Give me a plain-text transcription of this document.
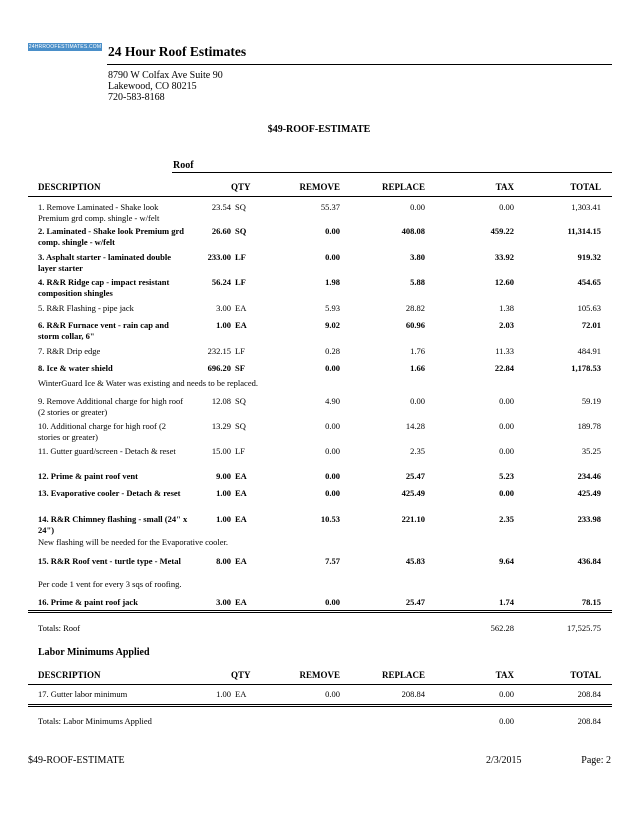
24HRROOFESTIMATES.COM 24 Hour Roof Estimates
8790 W Colfax Ave Suite 90
Lakewood, CO 80215
720-583-8168
$49-ROOF-ESTIMATE
Roof
DESCRIPTION	QTY	REMOVE	REPLACE	TAX	TOTAL
1. Remove Laminated - Shake look Premium grd comp. shingle - w/felt
23.54 SQ	55.37	0.00	0.00	1,303.41
2. Laminated - Shake look Premium grd comp. shingle - w/felt
26.60 SQ	0.00	408.08	459.22	11,314.15
3. Asphalt starter - laminated double layer starter
233.00 LF	0.00	3.80	33.92	919.32
4. R&R Ridge cap - impact resistant composition shingles
56.24 LF	1.98	5.88	12.60	454.65
5. R&R Flashing - pipe jack	3.00 EA	5.93	28.82	1.38	105.63
6. R&R Furnace vent - rain cap and storm collar, 6"
1.00 EA	9.02	60.96	2.03	72.01
7. R&R Drip edge	232.15 LF	0.28	1.76	11.33	484.91
8. Ice & water shield	696.20 SF	0.00	1.66	22.84	1,178.53
WinterGuard Ice & Water was existing and needs to be replaced.
9. Remove Additional charge for high roof (2 stories or greater)
12.08 SQ	4.90	0.00	0.00	59.19
10. Additional charge for high roof (2 stories or greater)
13.29 SQ	0.00	14.28	0.00	189.78
11. Gutter guard/screen - Detach & reset	15.00 LF	0.00	2.35	0.00	35.25
12. Prime & paint roof vent	9.00 EA	0.00	25.47	5.23	234.46
13. Evaporative cooler - Detach & reset	1.00 EA	0.00	425.49	0.00	425.49
14. R&R Chimney flashing - small (24" x 24")
1.00 EA	10.53	221.10	2.35	233.98
New flashing will be needed for the Evaporative cooler.
15. R&R Roof vent - turtle type - Metal	8.00 EA	7.57	45.83	9.64	436.84
Per code 1 vent for every 3 sqs of roofing.
16. Prime & paint roof jack	3.00 EA	0.00	25.47	1.74	78.15
Totals: Roof	562.28	17,525.75
Labor Minimums Applied
DESCRIPTION	QTY	REMOVE	REPLACE	TAX	TOTAL
17. Gutter labor minimum	1.00 EA	0.00	208.84	0.00	208.84
Totals: Labor Minimums Applied	0.00	208.84
$49-ROOF-ESTIMATE	2/3/2015	Page: 2
